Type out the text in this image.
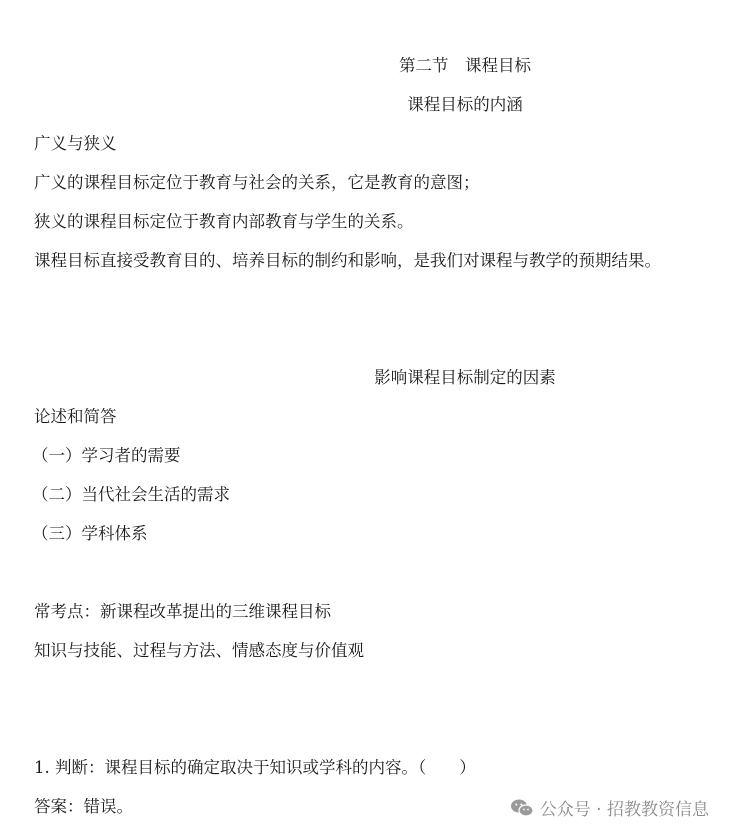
第二节　课程目标
课程目标的内涵
广义与狭义
广义的课程目标定位于教育与社会的关系，它是教育的意图；
狭义的课程目标定位于教育内部教育与学生的关系。
课程目标直接受教育目的、培养目标的制约和影响，是我们对课程与教学的预期结果。
影响课程目标制定的因素
论述和简答
（一）学习者的需要
（二）当代社会生活的需求
（三）学科体系
常考点：新课程改革提出的三维课程目标
知识与技能、过程与方法、情感态度与价值观
1. 判断：课程目标的确定取决于知识或学科的内容。（　　）
答案：错误。	公众号 · 招教教资信息
